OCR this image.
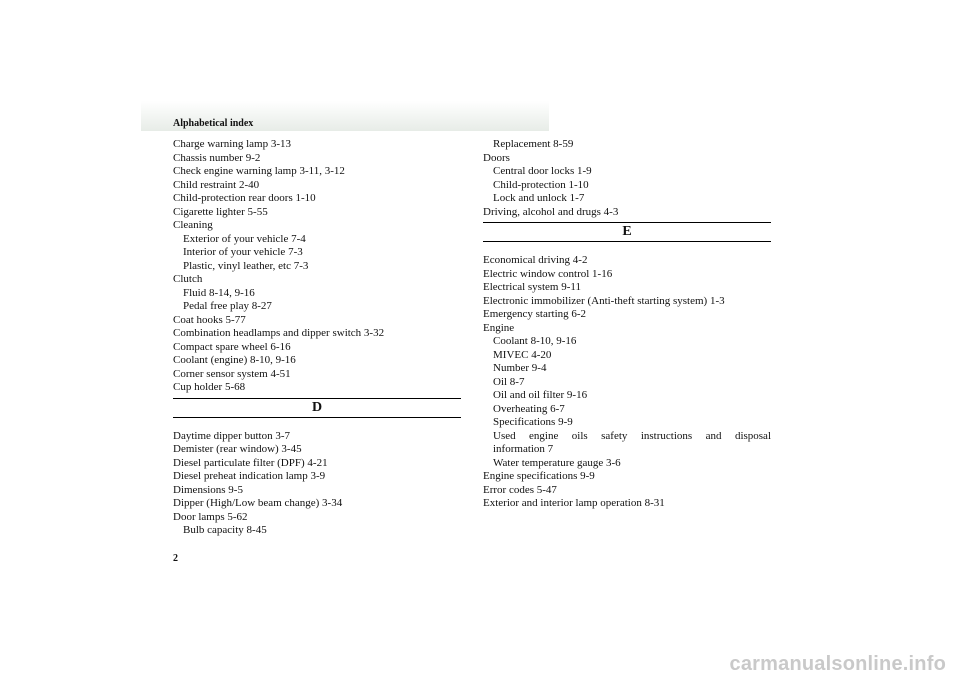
Alphabetical index
Charge warning lamp 3-13
Chassis number 9-2
Check engine warning lamp 3-11, 3-12
Child restraint 2-40
Child-protection rear doors 1-10
Cigarette lighter 5-55
Cleaning
Exterior of your vehicle 7-4
Interior of your vehicle 7-3
Plastic, vinyl leather, etc 7-3
Clutch
Fluid 8-14, 9-16
Pedal free play 8-27
Coat hooks 5-77
Combination headlamps and dipper switch 3-32
Compact spare wheel 6-16
Coolant (engine) 8-10, 9-16
Corner sensor system 4-51
Cup holder 5-68
D
Daytime dipper button 3-7
Demister (rear window) 3-45
Diesel particulate filter (DPF) 4-21
Diesel preheat indication lamp 3-9
Dimensions 9-5
Dipper (High/Low beam change) 3-34
Door lamps 5-62
Bulb capacity 8-45
Replacement 8-59
Doors
Central door locks 1-9
Child-protection 1-10
Lock and unlock 1-7
Driving, alcohol and drugs 4-3
E
Economical driving 4-2
Electric window control 1-16
Electrical system 9-11
Electronic immobilizer (Anti-theft starting system) 1-3
Emergency starting 6-2
Engine
Coolant 8-10, 9-16
MIVEC 4-20
Number 9-4
Oil 8-7
Oil and oil filter 9-16
Overheating 6-7
Specifications 9-9
Used engine oils safety instructions and disposal
information 7
Water temperature gauge 3-6
Engine specifications 9-9
Error codes 5-47
Exterior and interior lamp operation 8-31
2
carmanualsonline.info
